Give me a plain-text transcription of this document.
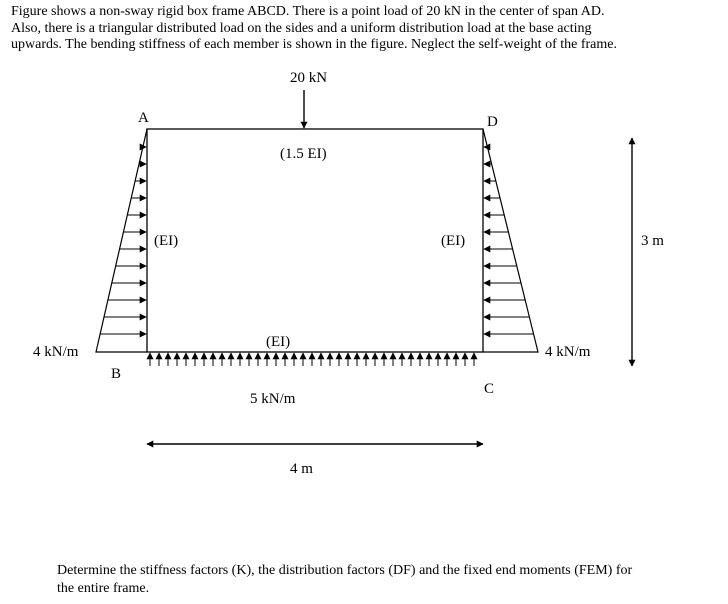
Figure shows a non-sway rigid box frame ABCD. There is a point load of 20 kN in the center of span AD.
Also, there is a triangular distributed load on the sides and a uniform distribution load at the base acting
upwards. The bending stiffness of each member is shown in the figure. Neglect the self-weight of the frame.

A	D
B
C
20 kN
(1.5 EI)
(EI)	(EI)
(EI)
4 kN/m	4 kN/m
5 kN/m
3 m
4 m

Determine the stiffness factors (K), the distribution factors (DF) and the fixed end moments (FEM) for
the entire frame.
